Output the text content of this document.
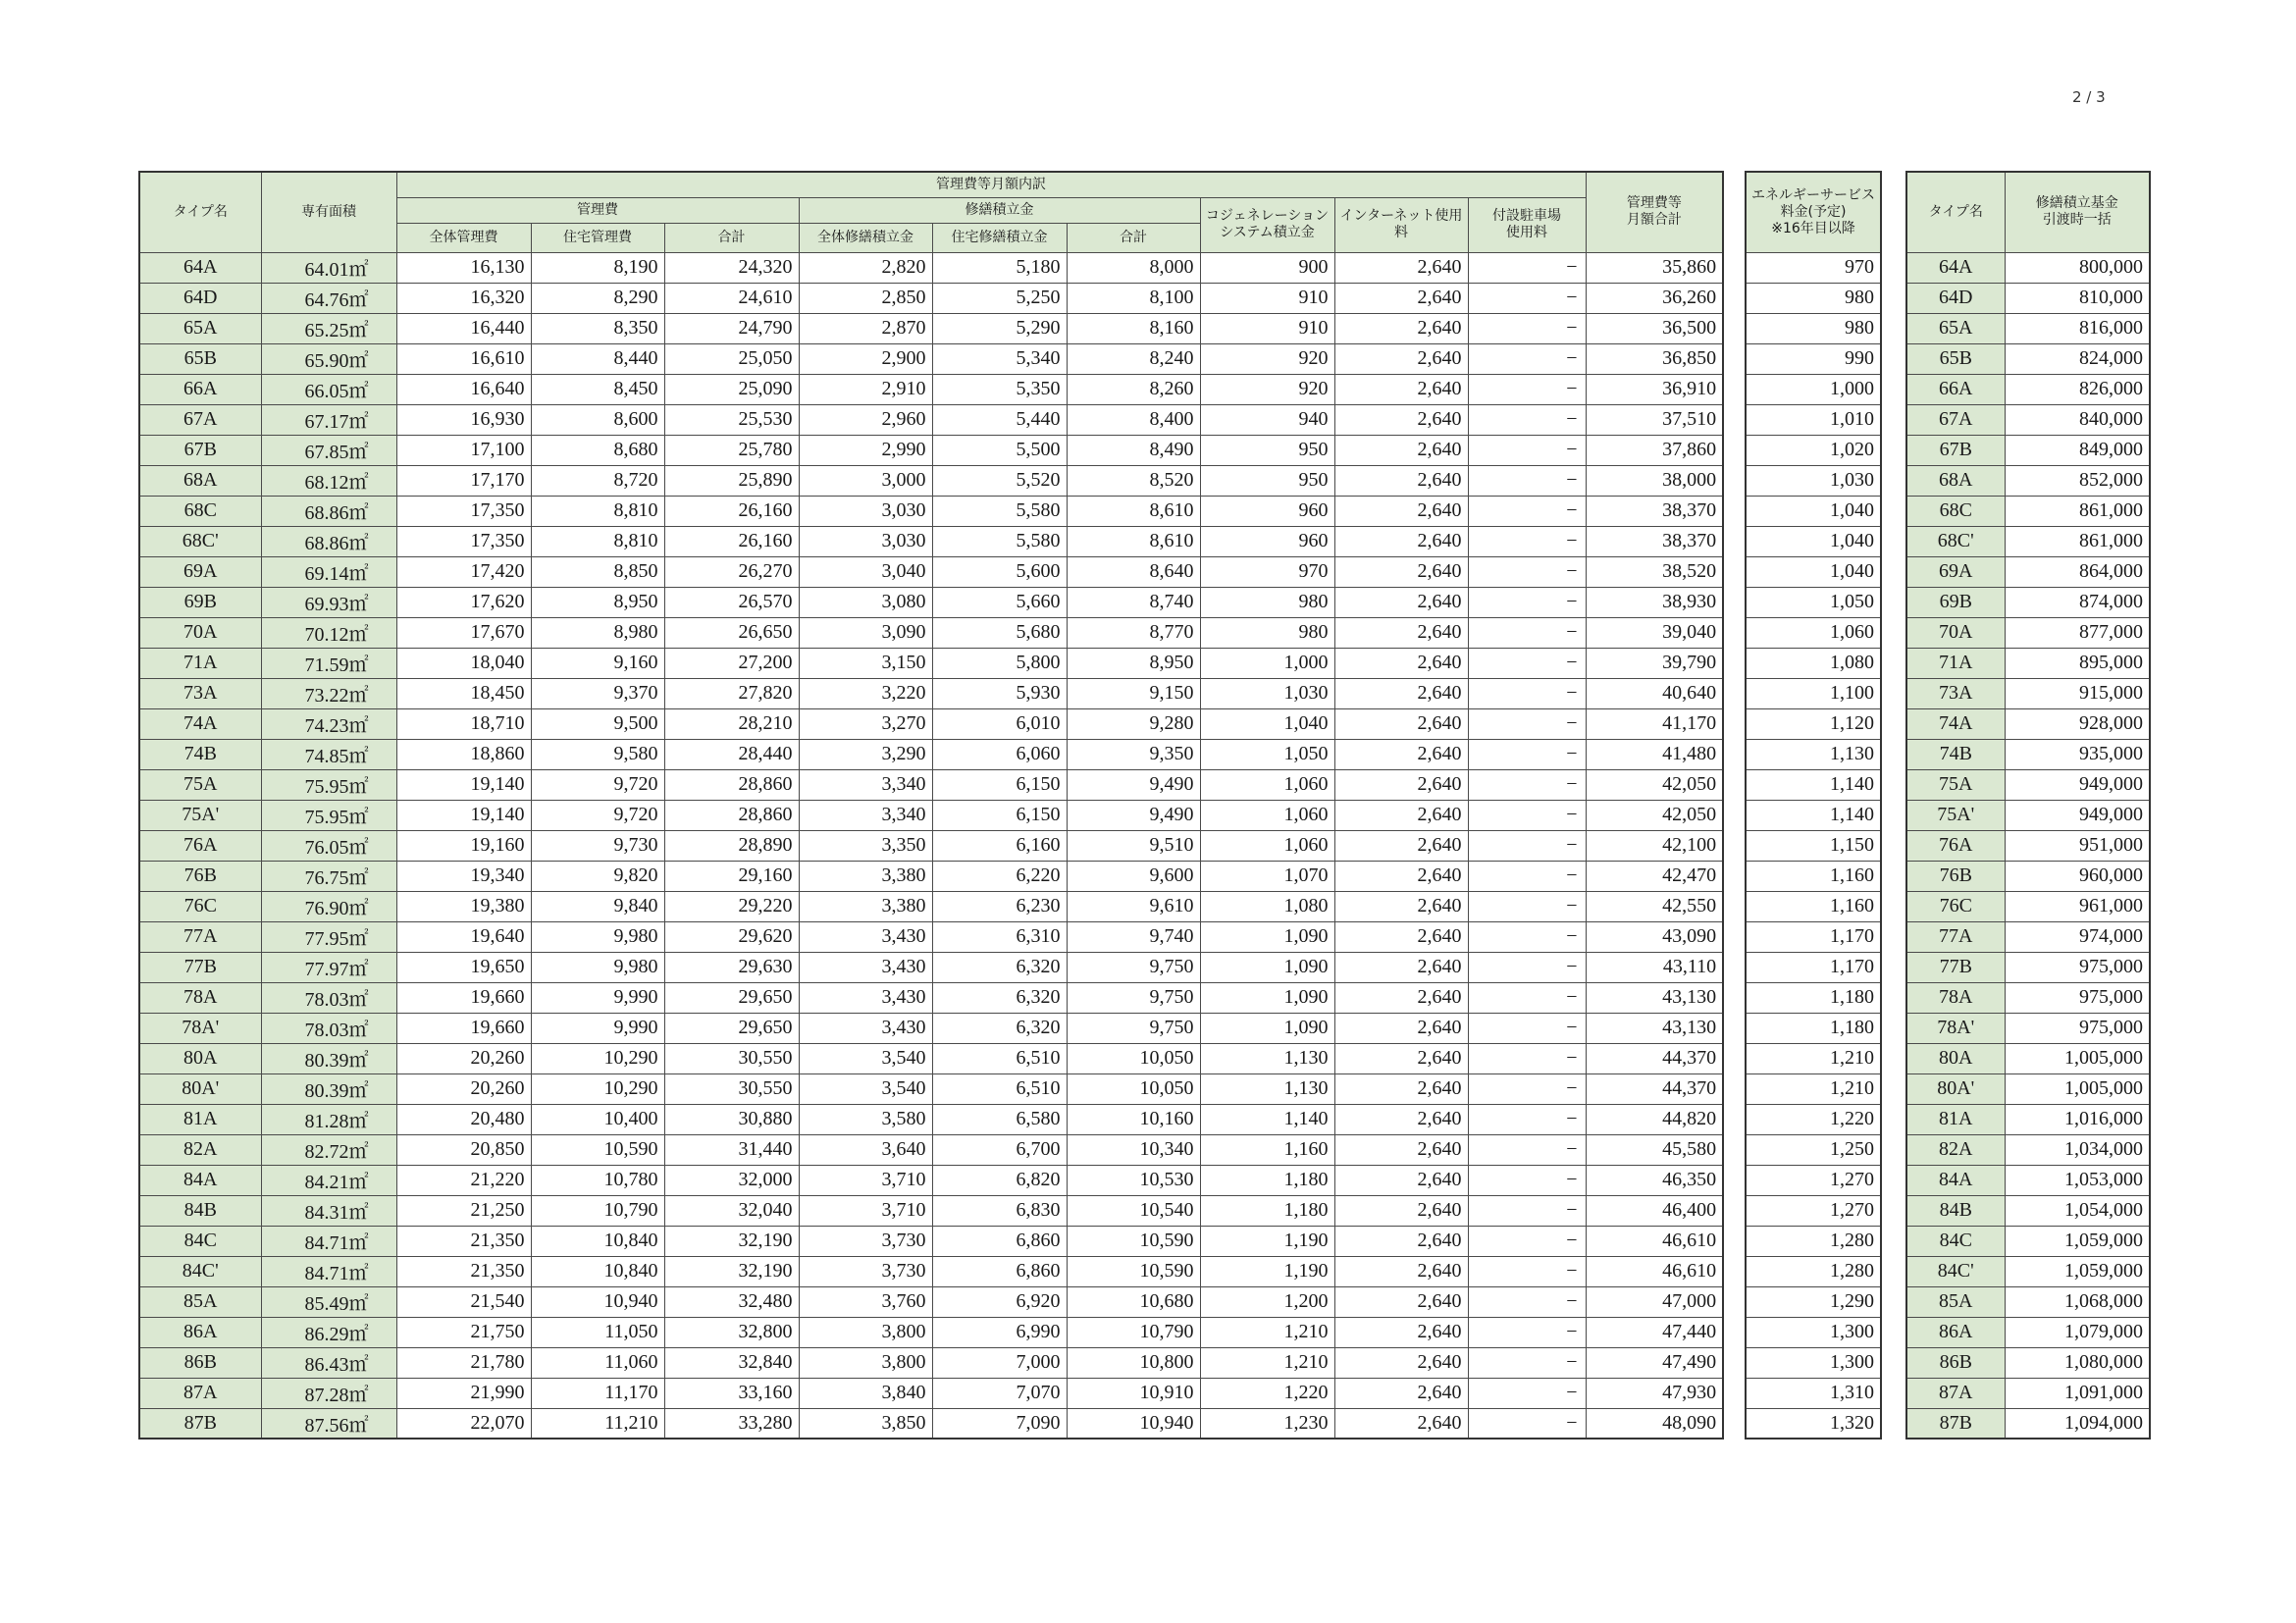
2 / 3
タイプ名	専有面積	管理費等月額内訳									管理費等
月額合計
		管理費			修繕積立金			コジェネレーション
システム積立金	インターネット使用
料	付設駐車場
使用料	
		全体管理費	住宅管理費	合計	全体修繕積立金	住宅修繕積立金	合計				
64A	64.01㎡	16,130	8,190	24,320	2,820	5,180	8,000	900	2,640	−	35,860
64D	64.76㎡	16,320	8,290	24,610	2,850	5,250	8,100	910	2,640	−	36,260
65A	65.25㎡	16,440	8,350	24,790	2,870	5,290	8,160	910	2,640	−	36,500
65B	65.90㎡	16,610	8,440	25,050	2,900	5,340	8,240	920	2,640	−	36,850
66A	66.05㎡	16,640	8,450	25,090	2,910	5,350	8,260	920	2,640	−	36,910
67A	67.17㎡	16,930	8,600	25,530	2,960	5,440	8,400	940	2,640	−	37,510
67B	67.85㎡	17,100	8,680	25,780	2,990	5,500	8,490	950	2,640	−	37,860
68A	68.12㎡	17,170	8,720	25,890	3,000	5,520	8,520	950	2,640	−	38,000
68C	68.86㎡	17,350	8,810	26,160	3,030	5,580	8,610	960	2,640	−	38,370
68C'	68.86㎡	17,350	8,810	26,160	3,030	5,580	8,610	960	2,640	−	38,370
69A	69.14㎡	17,420	8,850	26,270	3,040	5,600	8,640	970	2,640	−	38,520
69B	69.93㎡	17,620	8,950	26,570	3,080	5,660	8,740	980	2,640	−	38,930
70A	70.12㎡	17,670	8,980	26,650	3,090	5,680	8,770	980	2,640	−	39,040
71A	71.59㎡	18,040	9,160	27,200	3,150	5,800	8,950	1,000	2,640	−	39,790
73A	73.22㎡	18,450	9,370	27,820	3,220	5,930	9,150	1,030	2,640	−	40,640
74A	74.23㎡	18,710	9,500	28,210	3,270	6,010	9,280	1,040	2,640	−	41,170
74B	74.85㎡	18,860	9,580	28,440	3,290	6,060	9,350	1,050	2,640	−	41,480
75A	75.95㎡	19,140	9,720	28,860	3,340	6,150	9,490	1,060	2,640	−	42,050
75A'	75.95㎡	19,140	9,720	28,860	3,340	6,150	9,490	1,060	2,640	−	42,050
76A	76.05㎡	19,160	9,730	28,890	3,350	6,160	9,510	1,060	2,640	−	42,100
76B	76.75㎡	19,340	9,820	29,160	3,380	6,220	9,600	1,070	2,640	−	42,470
76C	76.90㎡	19,380	9,840	29,220	3,380	6,230	9,610	1,080	2,640	−	42,550
77A	77.95㎡	19,640	9,980	29,620	3,430	6,310	9,740	1,090	2,640	−	43,090
77B	77.97㎡	19,650	9,980	29,630	3,430	6,320	9,750	1,090	2,640	−	43,110
78A	78.03㎡	19,660	9,990	29,650	3,430	6,320	9,750	1,090	2,640	−	43,130
78A'	78.03㎡	19,660	9,990	29,650	3,430	6,320	9,750	1,090	2,640	−	43,130
80A	80.39㎡	20,260	10,290	30,550	3,540	6,510	10,050	1,130	2,640	−	44,370
80A'	80.39㎡	20,260	10,290	30,550	3,540	6,510	10,050	1,130	2,640	−	44,370
81A	81.28㎡	20,480	10,400	30,880	3,580	6,580	10,160	1,140	2,640	−	44,820
82A	82.72㎡	20,850	10,590	31,440	3,640	6,700	10,340	1,160	2,640	−	45,580
84A	84.21㎡	21,220	10,780	32,000	3,710	6,820	10,530	1,180	2,640	−	46,350
84B	84.31㎡	21,250	10,790	32,040	3,710	6,830	10,540	1,180	2,640	−	46,400
84C	84.71㎡	21,350	10,840	32,190	3,730	6,860	10,590	1,190	2,640	−	46,610
84C'	84.71㎡	21,350	10,840	32,190	3,730	6,860	10,590	1,190	2,640	−	46,610
85A	85.49㎡	21,540	10,940	32,480	3,760	6,920	10,680	1,200	2,640	−	47,000
86A	86.29㎡	21,750	11,050	32,800	3,800	6,990	10,790	1,210	2,640	−	47,440
86B	86.43㎡	21,780	11,060	32,840	3,800	7,000	10,800	1,210	2,640	−	47,490
87A	87.28㎡	21,990	11,170	33,160	3,840	7,070	10,910	1,220	2,640	−	47,930
87B	87.56㎡	22,070	11,210	33,280	3,850	7,090	10,940	1,230	2,640	−	48,090
エネルギーサービス
料金(予定)
※16年目以降
970
980
980
990
1,000
1,010
1,020
1,030
1,040
1,040
1,040
1,050
1,060
1,080
1,100
1,120
1,130
1,140
1,140
1,150
1,160
1,160
1,170
1,170
1,180
1,180
1,210
1,210
1,220
1,250
1,270
1,270
1,280
1,280
1,290
1,300
1,300
1,310
1,320
タイプ名	修繕積立基金
引渡時一括
64A	800,000
64D	810,000
65A	816,000
65B	824,000
66A	826,000
67A	840,000
67B	849,000
68A	852,000
68C	861,000
68C'	861,000
69A	864,000
69B	874,000
70A	877,000
71A	895,000
73A	915,000
74A	928,000
74B	935,000
75A	949,000
75A'	949,000
76A	951,000
76B	960,000
76C	961,000
77A	974,000
77B	975,000
78A	975,000
78A'	975,000
80A	1,005,000
80A'	1,005,000
81A	1,016,000
82A	1,034,000
84A	1,053,000
84B	1,054,000
84C	1,059,000
84C'	1,059,000
85A	1,068,000
86A	1,079,000
86B	1,080,000
87A	1,091,000
87B	1,094,000
